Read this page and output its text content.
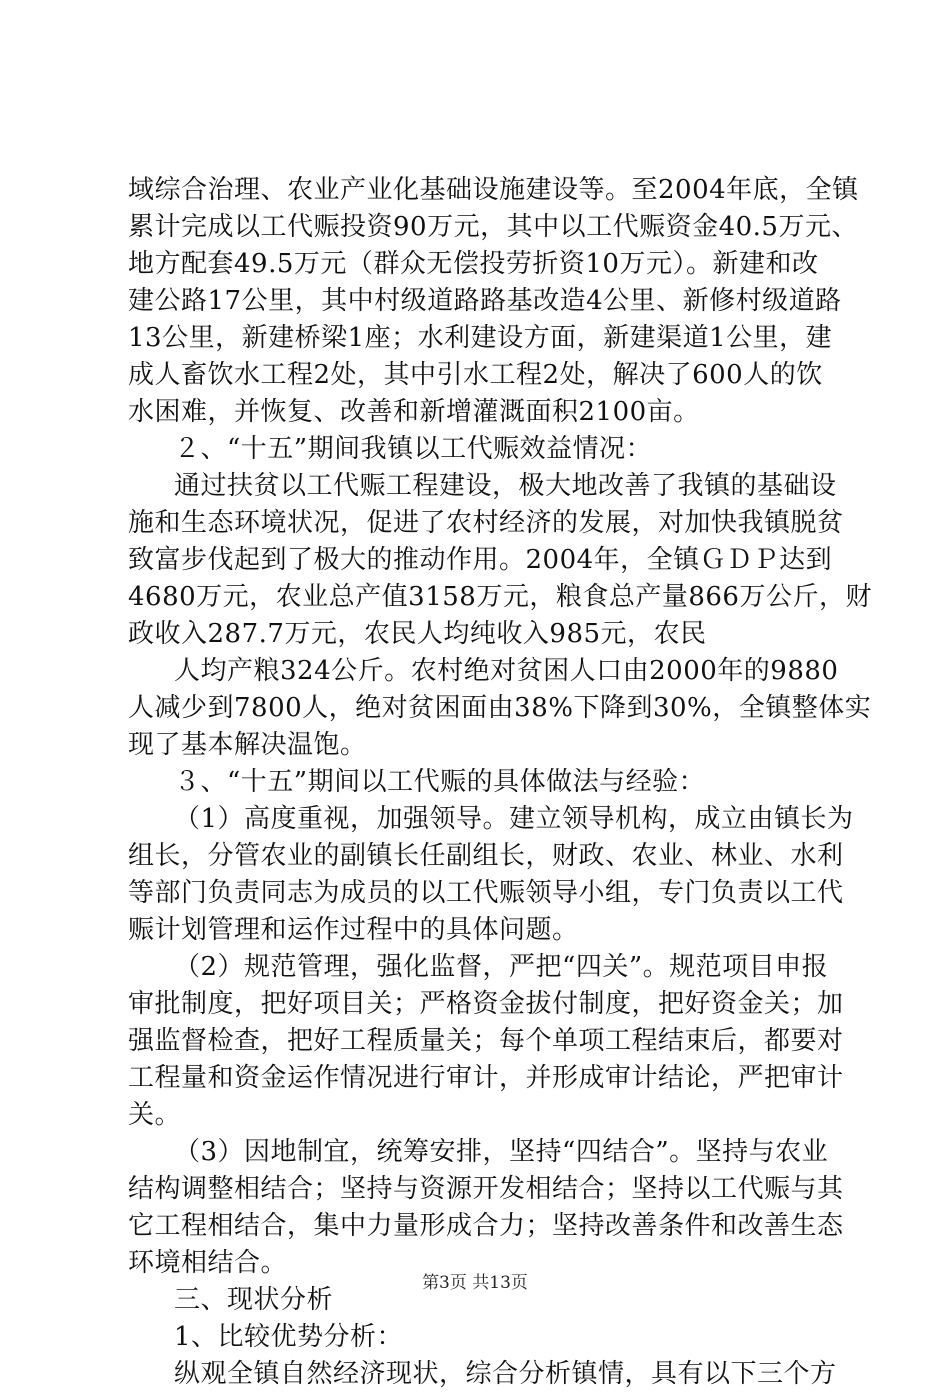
域综合治理、农业产业化基础设施建设等。至2004年底，全镇
累计完成以工代赈投资90万元，其中以工代赈资金40.5万元、
地方配套49.5万元（群众无偿投劳折资10万元）。新建和改
建公路17公里，其中村级道路路基改造4公里、新修村级道路
13公里，新建桥梁1座；水利建设方面，新建渠道1公里，建
成人畜饮水工程2处，其中引水工程2处，解决了600人的饮
水困难，并恢复、改善和新增灌溉面积2100亩。
２、“十五”期间我镇以工代赈效益情况：
通过扶贫以工代赈工程建设，极大地改善了我镇的基础设
施和生态环境状况，促进了农村经济的发展，对加快我镇脱贫
致富步伐起到了极大的推动作用。2004年，全镇ＧＤＰ达到
4680万元，农业总产值3158万元，粮食总产量866万公斤，财
政收入287.7万元，农民人均纯收入985元，农民
人均产粮324公斤。农村绝对贫困人口由2000年的9880
人减少到7800人，绝对贫困面由38%下降到30%，全镇整体实
现了基本解决温饱。
３、“十五”期间以工代赈的具体做法与经验：
（1）高度重视，加强领导。建立领导机构，成立由镇长为
组长，分管农业的副镇长任副组长，财政、农业、林业、水利
等部门负责同志为成员的以工代赈领导小组，专门负责以工代
赈计划管理和运作过程中的具体问题。
（2）规范管理，强化监督，严把“四关”。规范项目申报
审批制度，把好项目关；严格资金拔付制度，把好资金关；加
强监督检查，把好工程质量关；每个单项工程结束后，都要对
工程量和资金运作情况进行审计，并形成审计结论，严把审计
关。
（3）因地制宜，统筹安排，坚持“四结合”。坚持与农业
结构调整相结合；坚持与资源开发相结合；坚持以工代赈与其
它工程相结合，集中力量形成合力；坚持改善条件和改善生态
环境相结合。
三、现状分析
1、比较优势分析：
纵观全镇自然经济现状，综合分析镇情，具有以下三个方
第3页 共13页
